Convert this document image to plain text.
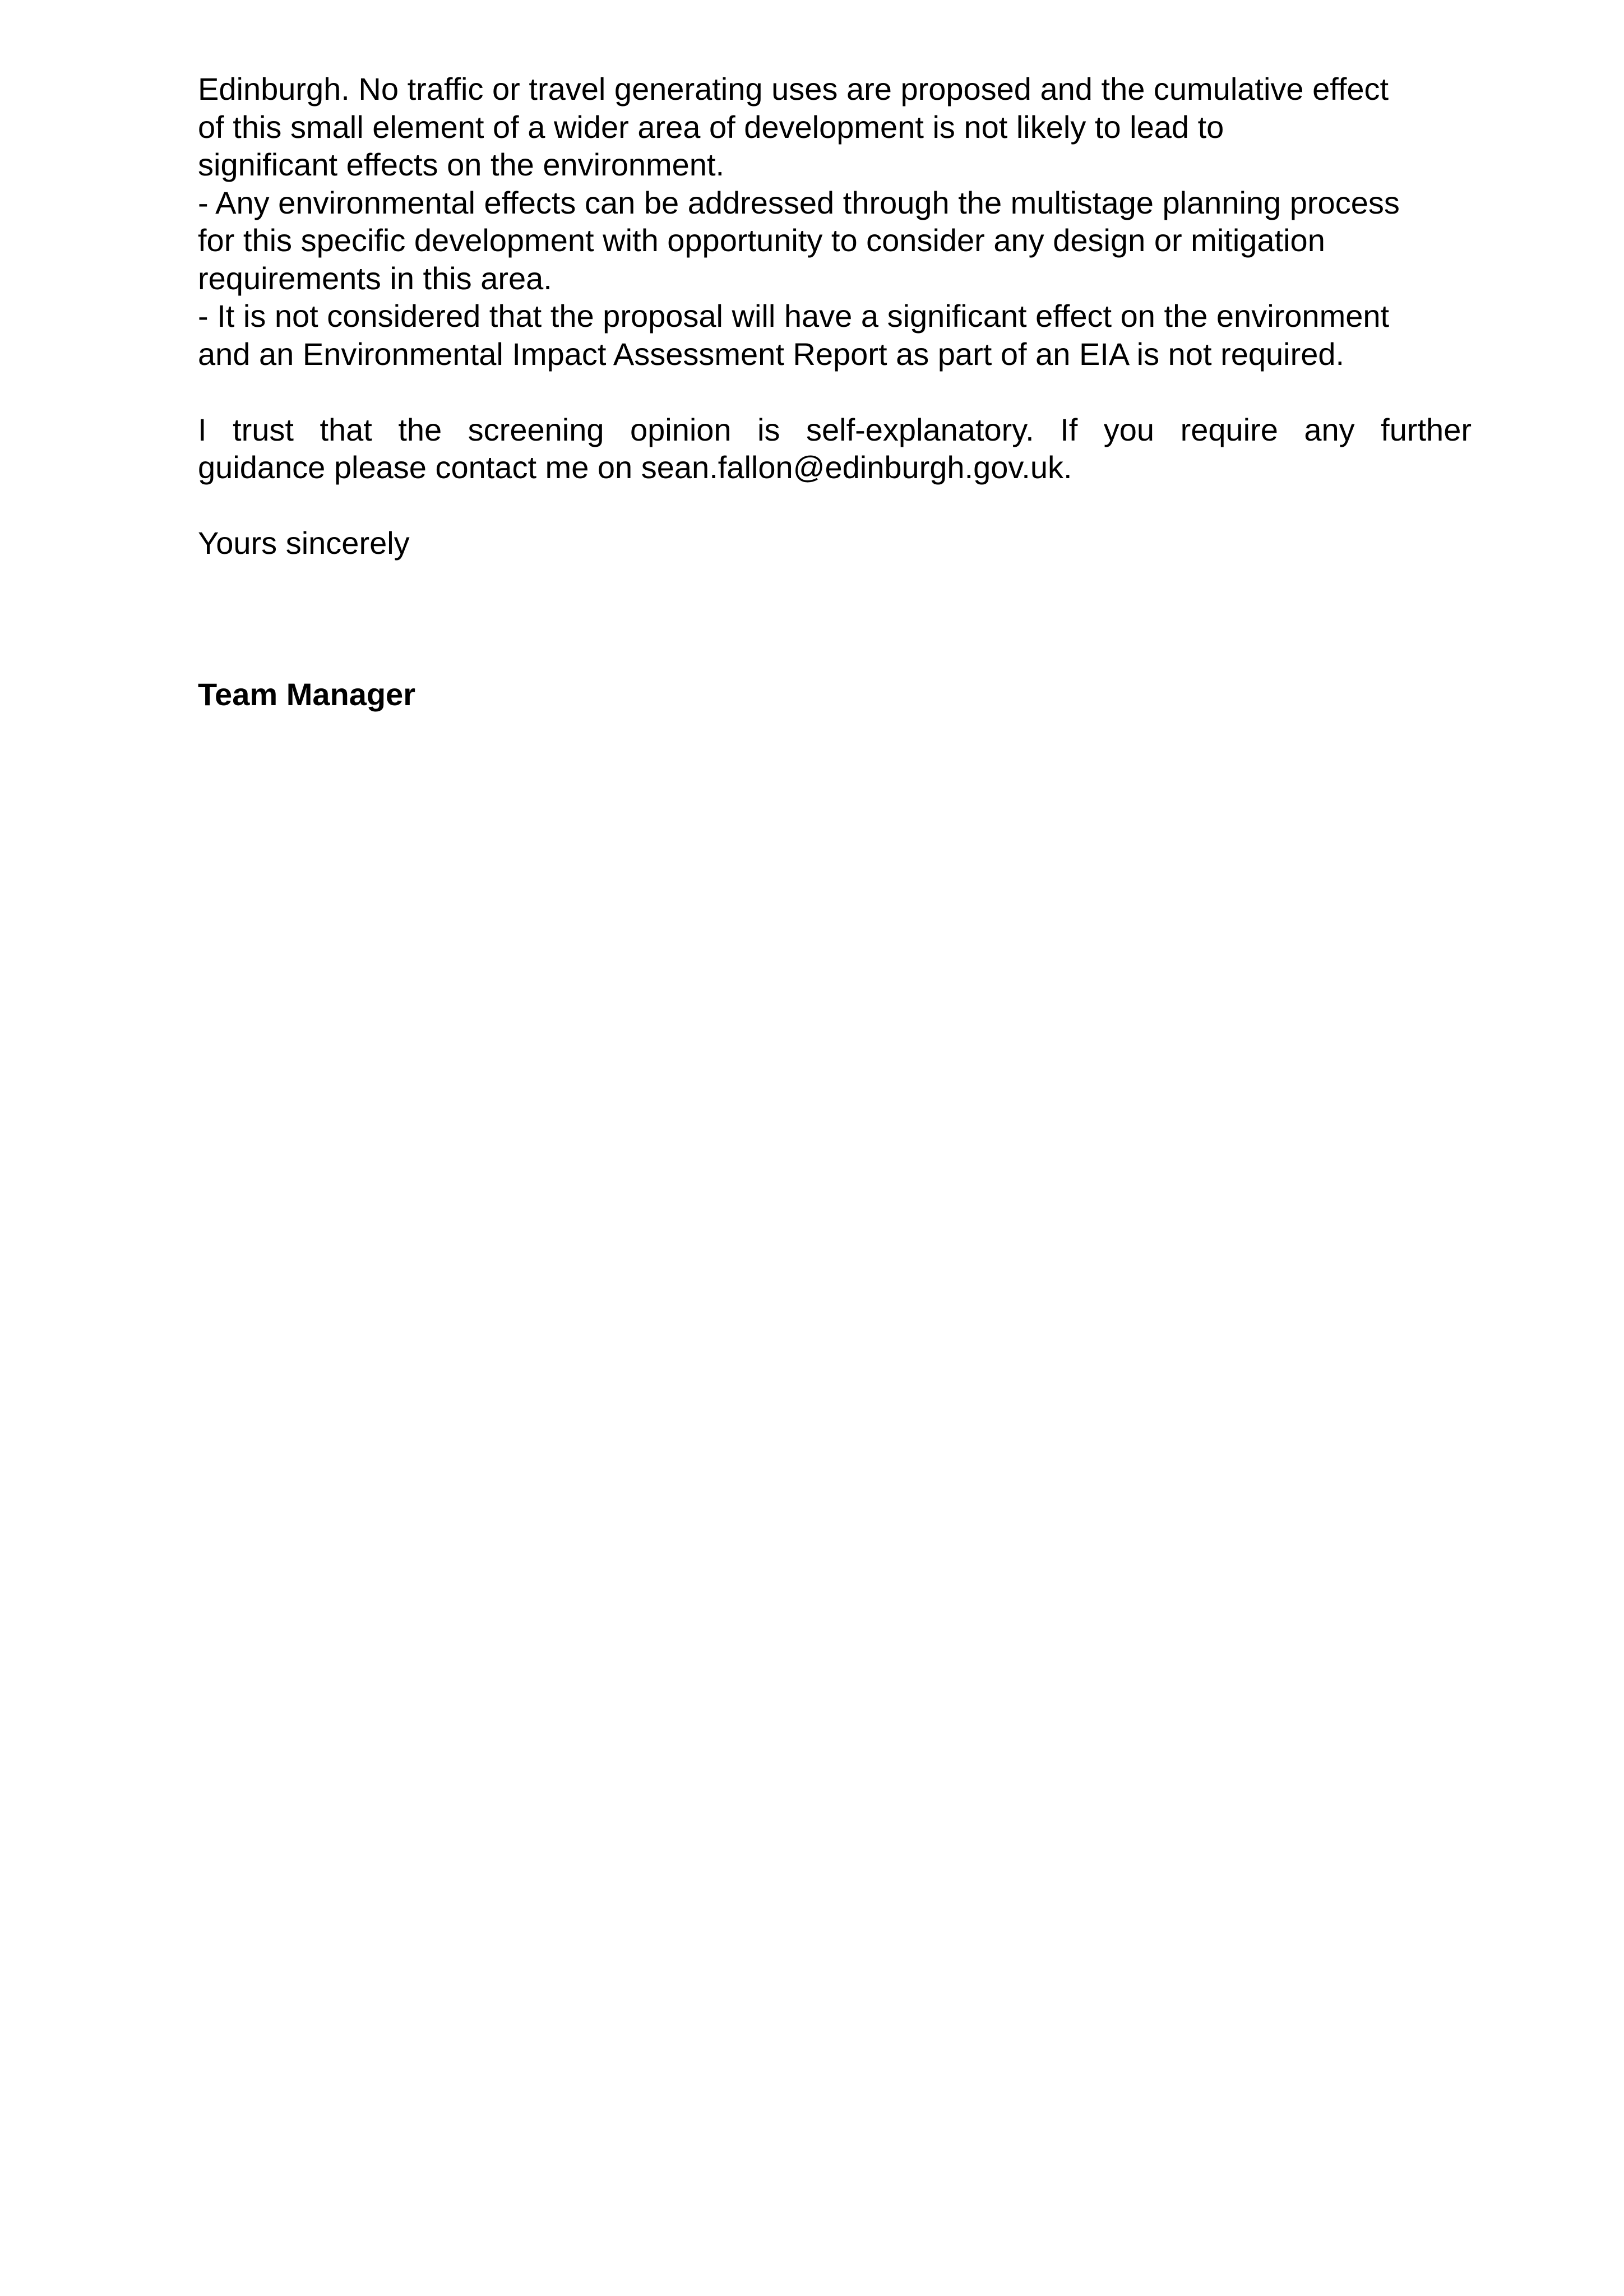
Edinburgh. No traffic or travel generating uses are proposed and the cumulative effect
of this small element of a wider area of development is not likely to lead to
significant effects on the environment.
- Any environmental effects can be addressed through the multistage planning process
for this specific development with opportunity to consider any design or mitigation
requirements in this area.
- It is not considered that the proposal will have a significant effect on the environment
and an Environmental Impact Assessment Report as part of an EIA is not required.
I trust that the screening opinion is self-explanatory. If you require any further
guidance please contact me on sean.fallon@edinburgh.gov.uk.
Yours sincerely
Team Manager
